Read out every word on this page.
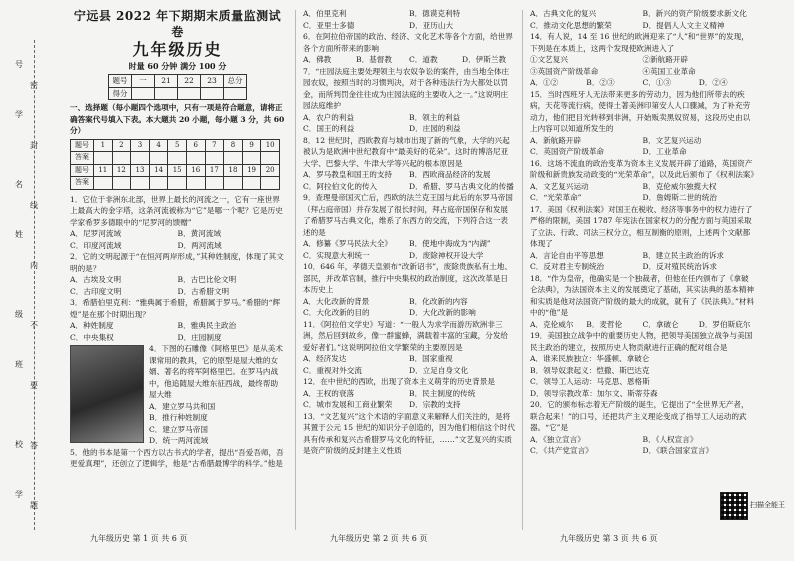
号
学
名
姓
级
班
校
学
密
封
线
内
不
要
答
题
宁远县 2022 年下期期末质量监测试卷
九年级历史
时量 60 分钟 满分 100 分
题号	一	21	22	23	总分
得分					
一、选择题（每小题四个选项中，只有一项是符合题意，请将正确答案代号填入下表。本大题共 20 小题，每小题 3 分，共 60 分）
题号	1	2	3	4	5	6	7	8	9	10
答案										
题号	11	12	13	14	15	16	17	18	19	20
答案										

1．它位于非洲东北部，世界上最长的河流之一，它有一座世界上最高大的金字塔，这条河流被称为“它”是哪一个呢？它是历史学家希罗多德眼中的“尼罗河的馈赠”

A．尼罗河流域	B．黄河流域
C．印度河流域	D．两河流域

2．它的文明起源于“在恒河两岸形成，”其种姓制度，体现了其文明的是？

A．古埃及文明	B．古巴比伦文明
C．古印度文明	D．古希腊文明

3．希腊伯里克利：“雅典属于希腊，希腊属于罗马。”希腊的“辉煌”是在那个时期出现？

A．种姓制度	B．雅典民主政治
C．中央集权	D．庄园制度

4．下图的石雕像《阿格里巴》是从美术课常用的教具，它的原型是屋大维的女婿、著名的将军阿格里巴。在罗马内战中，他追随屋大维东征西战，最终帮助屋大维

A．建立罗马共和国
B．推行种姓制度
C．建立罗马帝国
D．统一两河流域

5．他的书本是第一个西方以古书式的学者，提出“吾爱吾师，吾更爱真理”，还创立了逻辑学，他是“古希腊最博学的科学。”他是

A．伯里克利	B．德谟克利特
C．亚里士多德	D．亚历山大

6．在阿拉伯帝国的政治、经济、文化艺术等各个方面，给世界各个方面所带来的影响

A．佛教	B．基督教	C．道教	D．伊斯兰教

7．“庄园法庭主要处理领主与农奴争讼的案件，由当地全体庄园农奴，按照当时的习惯判决，对于各种违法行为大都处以罚金，而所判罚金往往成为庄园法庭的主要收入之一。”这说明庄园法庭维护

A．农户的利益	B．领主的利益
C．国王的利益	D．庄园的利益

8．12 世纪时，西欧教育与城市出现了新的气象，大学的兴起被认为是欧洲中世纪教育中“最美好的花朵”。这时的博洛尼亚大学、巴黎大学、牛津大学等兴起的根本原因是

A．罗马教皇和国王的支持	B．西欧商品经济的发展
C．阿拉伯文化的传入	D．希腊、罗马古典文化的传播

9．查理曼帝国灭亡后，西欧的法兰克王国与此后的东罗马帝国（拜占庭帝国）并存发展了很长时间，拜占庭帝国保存和发展了希腊罗马古典文化，维系了东西方的交流，下列符合这一表述的是

A．修纂《罗马民法大全》	B．使地中海成为“内湖”
C．实现意大利统一	D．废除神权开设大学

10．646 年，孝德天皇颁布“改新诏书”，废除贵族私有土地、部民，并改革官制，推行中央集权的政治制度，这次改革是日本历史上

A．大化改新的背景	B．化改新的内容
C．大化改新的目的	D．大化改新的影响

11．《阿拉伯文学史》写道：“一般人为求学而游历欧洲非三洲，然后回到故乡，像一群蜜蜂，满载着丰富的宝藏，分发给爱好者们。”这说明阿拉伯文学繁荣的主要原因是

A．经济发达	B．国家重视
C．重视对外交流	D．立足自身文化

12．在中世纪的西欧，出现了资本主义萌芽的历史背景是

A．王权的衰落	B．民主制度的传统
C．城市发展和工商业繁荣	D．宗教的支持

13．“文艺复兴”这个术语的字面意义来解释人们关注的，是将其置于公元 15 世纪的知识分子创造的，因为他们相信这个时代具有传承和复兴古希腊罗马文化的特征，……”文艺复兴的实质是资产阶级的反封建主义性质

A．古典文化的复兴	B．新兴的资产阶级要求新文化
C．推动文化思想的繁荣	D．提倡人人文主义精神

14．有人说，14 至 16 世纪的欧洲迎来了“人”和“世界”的发现，下列是在本质上，这两个发现使欧洲进入了

①文艺复兴	②新航路开辟
③英国资产阶级革命	④英国工业革命
A．①②	B．②③	C．①③	D．②④

15．当时西班牙人无法带来更多的劳动力，因为他们所带去的疾病，天花等流行病，使得土著美洲印第安人人口骤减，为了补充劳动力，他们把目光转移到非洲，开始贩卖黑奴贸易，这段历史由以上内容可以知道所发生的

A．新航路开辟	B．文艺复兴运动
C．英国资产阶级革命	D．工业革命

16．这场不流血的政治变革为资本主义发展开辟了道路，英国资产阶级和新贵族发动政变的“光荣革命”，以及此后颁布了《权利法案》

A．文艺复兴运动	B．克伦威尔独揽大权
C．“光荣革命”	D．詹姆斯二世的统治

17．美国《权利法案》对国王在税收、经济等事务中的权力进行了严格的限制，美国 1787 年宪法在国家权力的分配方面与英国采取了立法、行政、司法三权分立，相互制衡的原则，上述两个文献都体现了

A．言论自由平等思想	B．建立民主政治的诉求
C．反对君主专制统治	D．反对殖民统治诉求

18．“作为皇帝，他确实是一个独裁者，但他在任内颁布了《拿破仑法典》，为法国资本主义的发展奠定了基础，其实法典的基本精神和实质是他对法国资产阶级的最大的成就，就有了《民法典》。”材料中的“他”是

A．克伦威尔	B．麦哲伦	C．拿破仑	D．罗伯斯庇尔

19．美国独立战争中的重要历史人物，把领导美国独立战争与美国民主政治的建立，按照历史人物贡献进行正确的配对组合是

A．谁来民族独立：华盛顿、拿破仑
B．领导奴隶起义：恺撒、斯巴达克
C．领导工人运动：马克思、恩格斯
D．领导宗教改革：加尔文、斯蒂芬森

20．它的颁布标志着无产阶级的诞生，它提出了“全世界无产者，联合起来！”的口号，还把共产主义理论变成了指导工人运动的武器。“它”是

A．《独立宣言》	B．《人权宣言》
C．《共产党宣言》	D．《联合国家宣言》
九年级历史 第 1 页 共 6 页	九年级历史 第 2 页 共 6 页	九年级历史 第 3 页 共 6 页
扫描全能王
